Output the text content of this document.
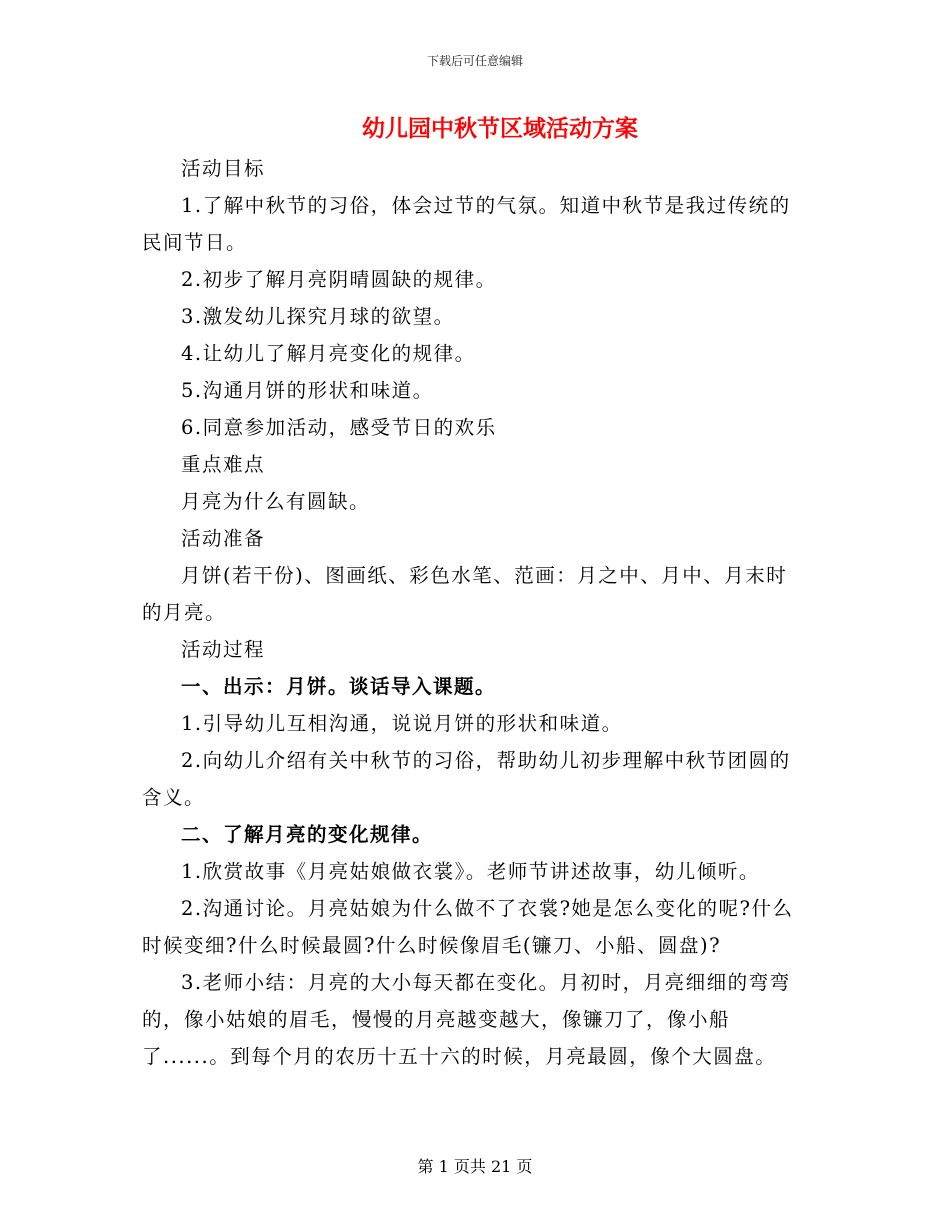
下载后可任意编辑
幼儿园中秋节区域活动方案

活动目标

1.了解中秋节的习俗，体会过节的气氛。知道中秋节是我过传统的民间节日。

2.初步了解月亮阴晴圆缺的规律。

3.激发幼儿探究月球的欲望。

4.让幼儿了解月亮变化的规律。

5.沟通月饼的形状和味道。

6.同意参加活动，感受节日的欢乐

重点难点

月亮为什么有圆缺。

活动准备

月饼(若干份)、图画纸、彩色水笔、范画：月之中、月中、月末时的月亮。

活动过程

一、出示：月饼。谈话导入课题。

1.引导幼儿互相沟通，说说月饼的形状和味道。

2.向幼儿介绍有关中秋节的习俗，帮助幼儿初步理解中秋节团圆的含义。

二、了解月亮的变化规律。

1.欣赏故事《月亮姑娘做衣裳》。老师节讲述故事，幼儿倾听。

2.沟通讨论。月亮姑娘为什么做不了衣裳?她是怎么变化的呢?什么时候变细?什么时候最圆?什么时候像眉毛(镰刀、小船、圆盘)?

3.老师小结：月亮的大小每天都在变化。月初时，月亮细细的弯弯的，像小姑娘的眉毛，慢慢的月亮越变越大，像镰刀了，像小船了......。到每个月的农历十五十六的时候，月亮最圆，像个大圆盘。

第 1 页共 21 页
